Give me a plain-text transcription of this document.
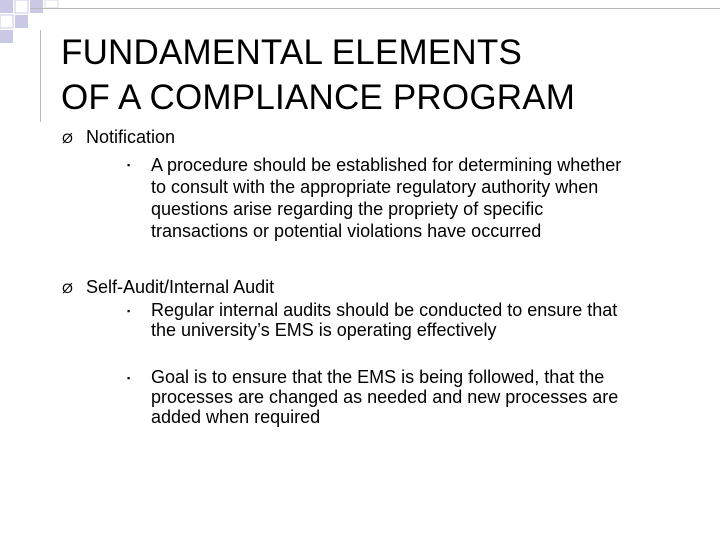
FUNDAMENTAL ELEMENTS
OF A COMPLIANCE PROGRAM
Ø Notification
▪ A procedure should be established for determining whether
to consult with the appropriate regulatory authority when
questions arise regarding the propriety of specific
transactions or potential violations have occurred
Ø Self-Audit/Internal Audit
▪ Regular internal audits should be conducted to ensure that
the university’s EMS is operating effectively
▪ Goal is to ensure that the EMS is being followed, that the
processes are changed as needed and new processes are
added when required
